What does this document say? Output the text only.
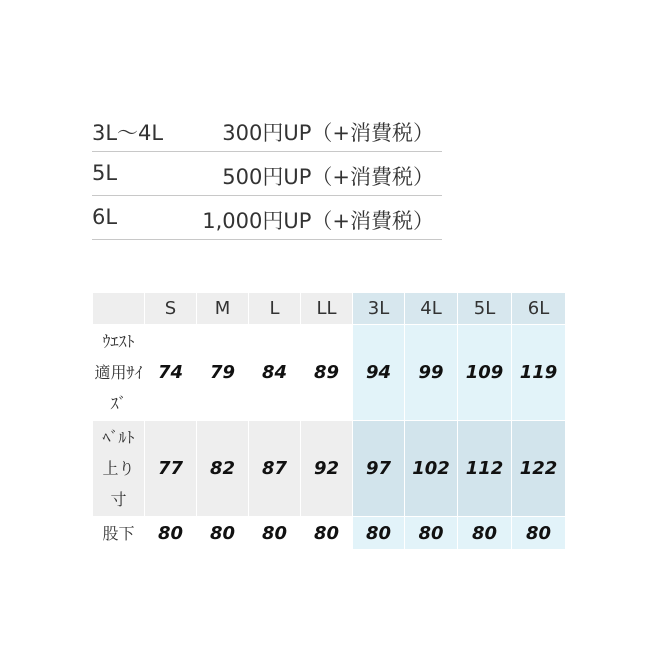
3L～4L	300円UP（+消費税）
5L	500円UP（+消費税）
6L	1,000円UP（+消費税）
	S	M	L	LL	3L	4L	5L	6L
ｳｴｽﾄ
適用ｻｲｽﾞ	74	79	84	89	94	99	109	119
ﾍﾞﾙﾄ
上り
寸	77	82	87	92	97	102	112	122
股下	80	80	80	80	80	80	80	80
